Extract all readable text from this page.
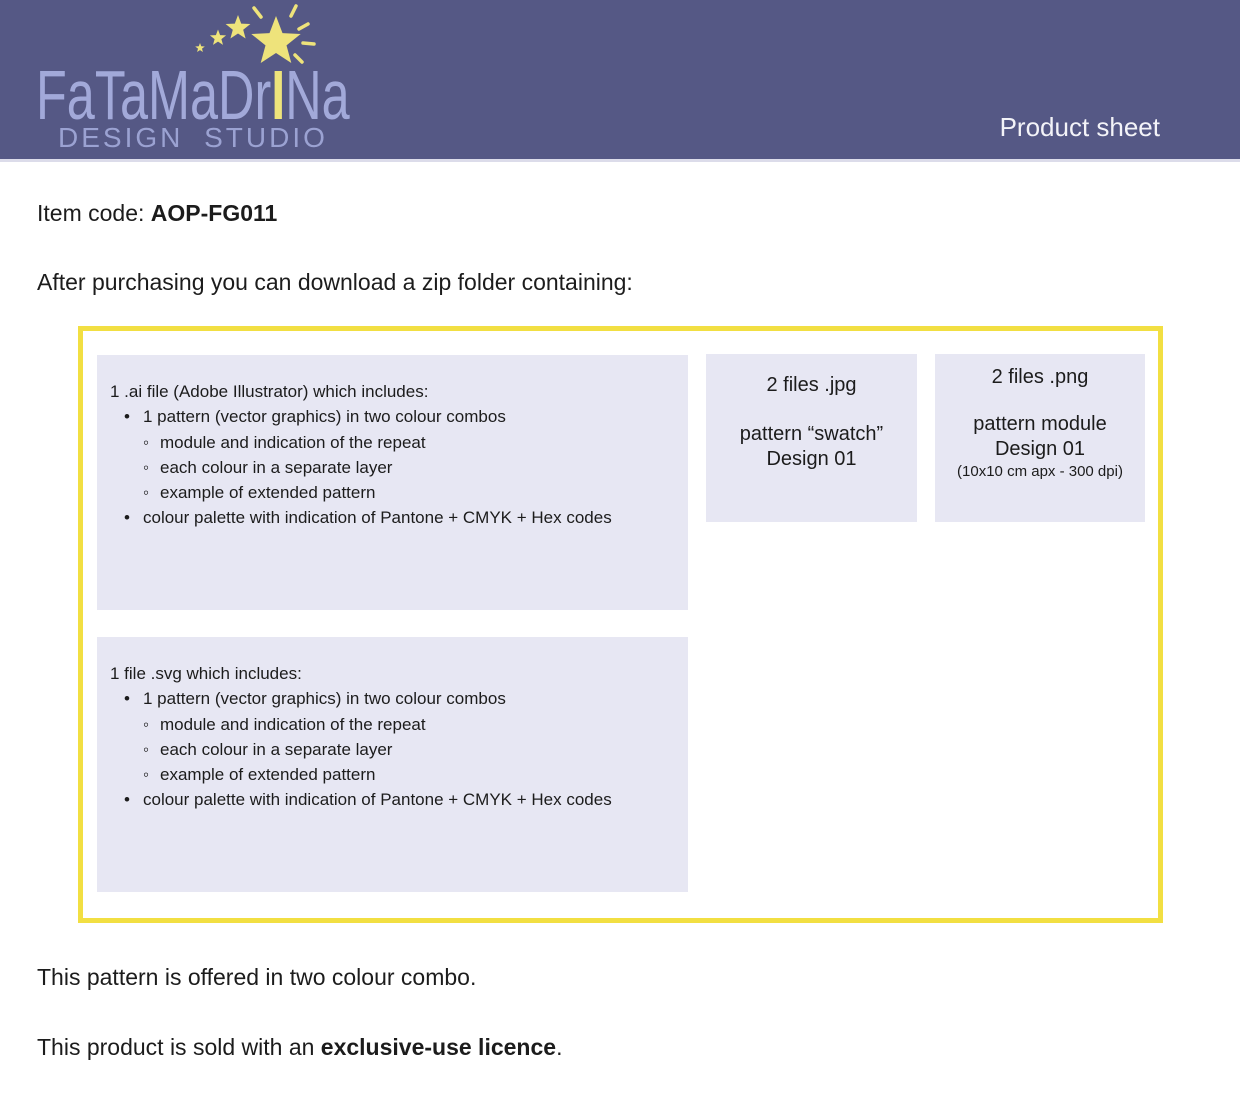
FaTaMaDrINa
DESIGN STUDIO	Product sheet
Item code: AOP-FG011
After purchasing you can download a zip folder containing:

1 .ai file (Adobe Illustrator) which includes:

• 1 pattern (vector graphics) in two colour combos
◦ module and indication of the repeat
◦ each colour in a separate layer
◦ example of extended pattern
• colour palette with indication of Pantone + CMYK + Hex codes
2 files .jpg
pattern “swatch”
Design 01
2 files .png
pattern module
Design 01
(10x10 cm apx - 300 dpi)

1 file .svg which includes:

• 1 pattern (vector graphics) in two colour combos
◦ module and indication of the repeat
◦ each colour in a separate layer
◦ example of extended pattern
• colour palette with indication of Pantone + CMYK + Hex codes
This pattern is offered in two colour combo.
This product is sold with an exclusive-use licence.
